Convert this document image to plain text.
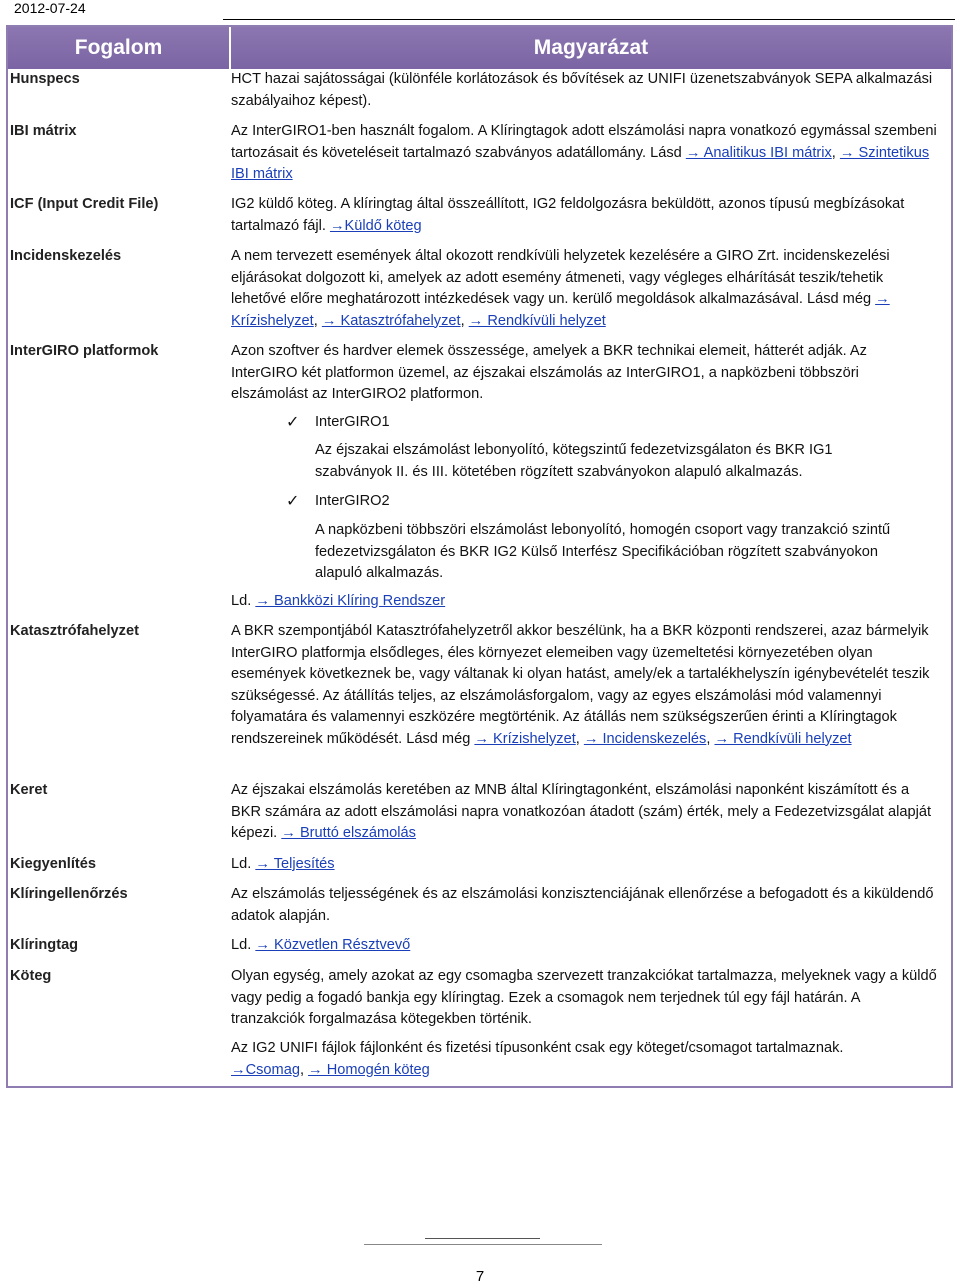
2012-07-24
Fogalom	Magyarázat
Hunspecs	HCT hazai sajátosságai (különféle korlátozások és bővítések az UNIFI üzenetszabványok SEPA alkalmazási szabályaihoz képest).
IBI mátrix	Az InterGIRO1-ben használt fogalom. A Klíringtagok adott elszámolási napra vonatkozó egymással szembeni tartozásait és követeléseit tartalmazó szabványos adatállomány. Lásd → Analitikus IBI mátrix, → Szintetikus IBI mátrix
ICF (Input Credit File)	IG2 küldő köteg. A klíringtag által összeállított, IG2 feldolgozásra beküldött, azonos típusú megbízásokat tartalmazó fájl. →Küldő köteg
Incidenskezelés	A nem tervezett események által okozott rendkívüli helyzetek kezelésére a GIRO Zrt. incidenskezelési eljárásokat dolgozott ki, amelyek az adott esemény átmeneti, vagy végleges elhárítását teszik/tehetik lehetővé előre meghatározott intézkedések vagy un. kerülő megoldások alkalmazásával. Lásd még → Krízishelyzet, → Katasztrófahelyzet, → Rendkívüli helyzet
InterGIRO platformok	Azon szoftver és hardver elemek összessége, amelyek a BKR technikai elemeit, hátterét adják. Az InterGIRO két platformon üzemel, az éjszakai elszámolás az InterGIRO1, a napközbeni többszöri elszámolást az InterGIRO2 platformon.
✓ InterGIRO1
Az éjszakai elszámolást lebonyolító, kötegszintű fedezetvizsgálaton és BKR IG1 szabványok II. és III. kötetében rögzített szabványokon alapuló alkalmazás.
✓ InterGIRO2
A napközbeni többszöri elszámolást lebonyolító, homogén csoport vagy tranzakció szintű fedezetvizsgálaton és BKR IG2 Külső Interfész Specifikációban rögzített szabványokon alapuló alkalmazás.
Ld. → Bankközi Klíring Rendszer
Katasztrófahelyzet	A BKR szempontjából Katasztrófahelyzetről akkor beszélünk, ha a BKR központi rendszerei, azaz bármelyik InterGIRO platformja elsődleges, éles környezet elemeiben vagy üzemeltetési környezetében olyan események következnek be, vagy váltanak ki olyan hatást, amely/ek a tartalékhelyszín igénybevételét teszik szükségessé. Az átállítás teljes, az elszámolásforgalom, vagy az egyes elszámolási mód valamennyi folyamatára és valamennyi eszközére megtörténik. Az átállás nem szükségszerűen érinti a Klíringtagok rendszereinek működését. Lásd még → Krízishelyzet, → Incidenskezelés, → Rendkívüli helyzet
Keret	Az éjszakai elszámolás keretében az MNB által Klíringtagonként, elszámolási naponként kiszámított és a BKR számára az adott elszámolási napra vonatkozóan átadott (szám) érték, mely a Fedezetvizsgálat alapját képezi. → Bruttó elszámolás
Kiegyenlítés	Ld. → Teljesítés
Klíringellenőrzés	Az elszámolás teljességének és az elszámolási konzisztenciájának ellenőrzése a befogadott és a kiküldendő adatok alapján.
Klíringtag	Ld. → Közvetlen Résztvevő
Köteg	Olyan egység, amely azokat az egy csomagba szervezett tranzakciókat tartalmazza, melyeknek vagy a küldő vagy pedig a fogadó bankja egy klíringtag. Ezek a csomagok nem terjednek túl egy fájl határán. A tranzakciók forgalmazása kötegekben történik.
Az IG2 UNIFI fájlok fájlonként és fizetési típusonként csak egy köteget/csomagot tartalmaznak.
→Csomag, → Homogén köteg
7
